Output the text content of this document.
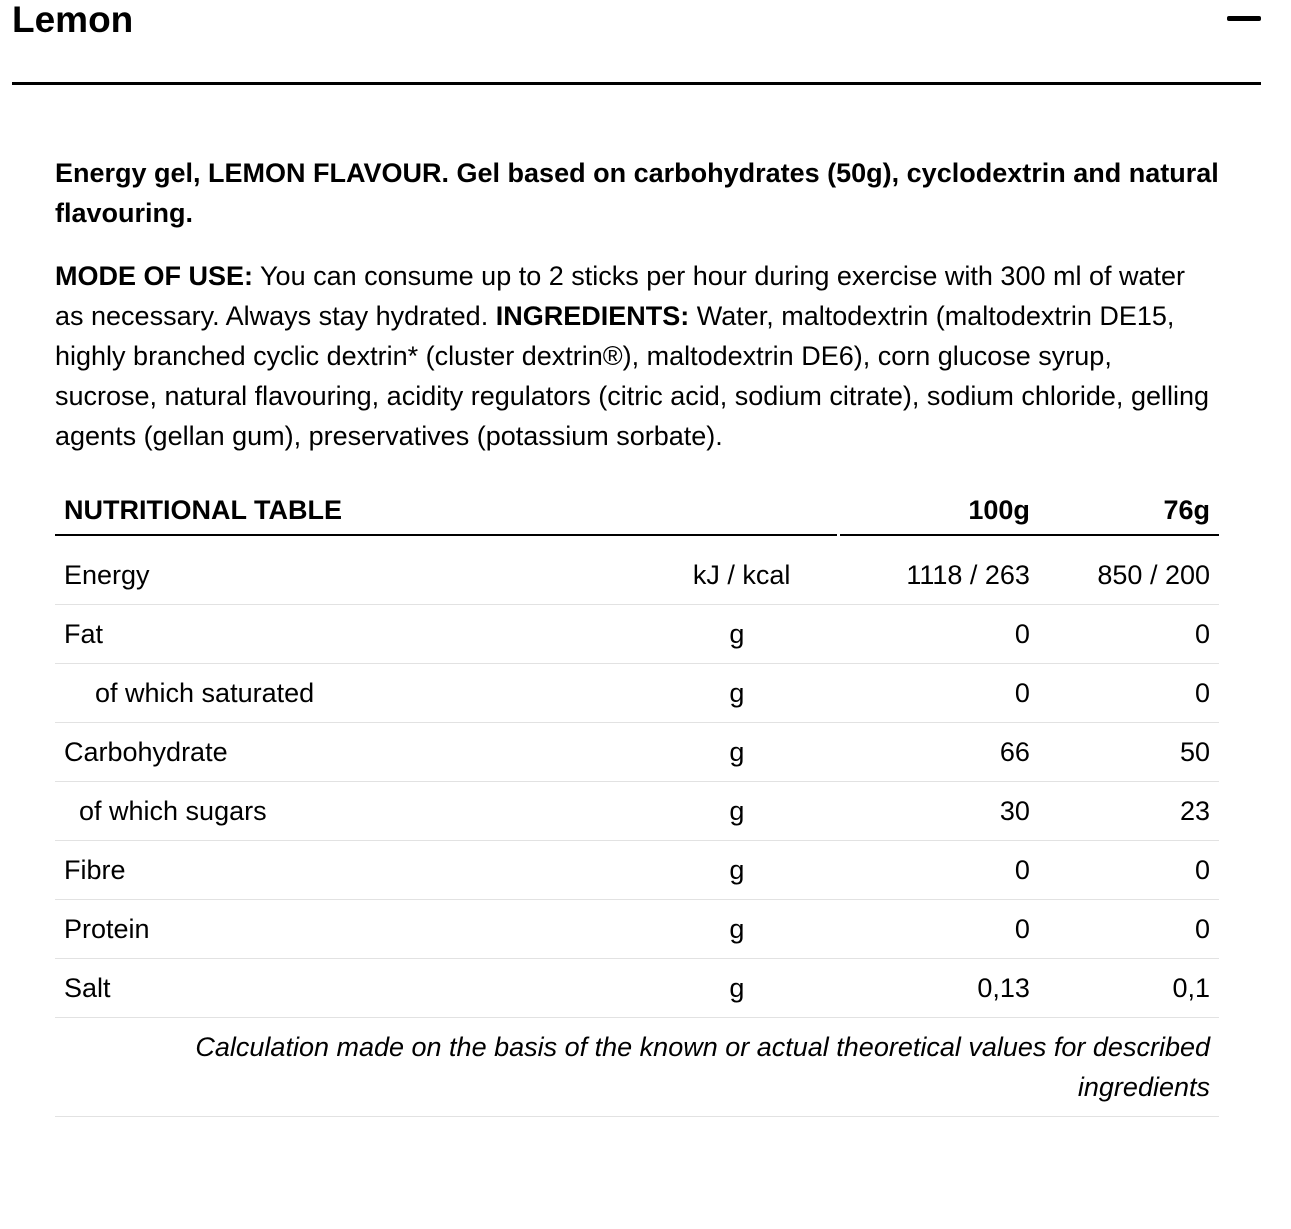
Lemon

Energy gel, LEMON FLAVOUR. Gel based on carbohydrates (50g), cyclodextrin and natural flavouring.

MODE OF USE: You can consume up to 2 sticks per hour during exercise with 300 ml of water as necessary. Always stay hydrated. INGREDIENTS: Water, maltodextrin (maltodextrin DE15, highly branched cyclic dextrin* (cluster dextrin®), maltodextrin DE6), corn glucose syrup, sucrose, natural flavouring, acidity regulators (citric acid, sodium citrate), sodium chloride, gelling agents (gellan gum), preservatives (potassium sorbate).

NUTRITIONAL TABLE		100g	76g

Energy	kJ / kcal	1118 / 263	850 / 200
Fat	g	0	0
of which saturated	g	0	0
Carbohydrate	g	66	50
of which sugars	g	30	23
Fibre	g	0	0
Protein	g	0	0
Salt	g	0,13	0,1
Calculation made on the basis of the known or actual theoretical values for described ingredients			
